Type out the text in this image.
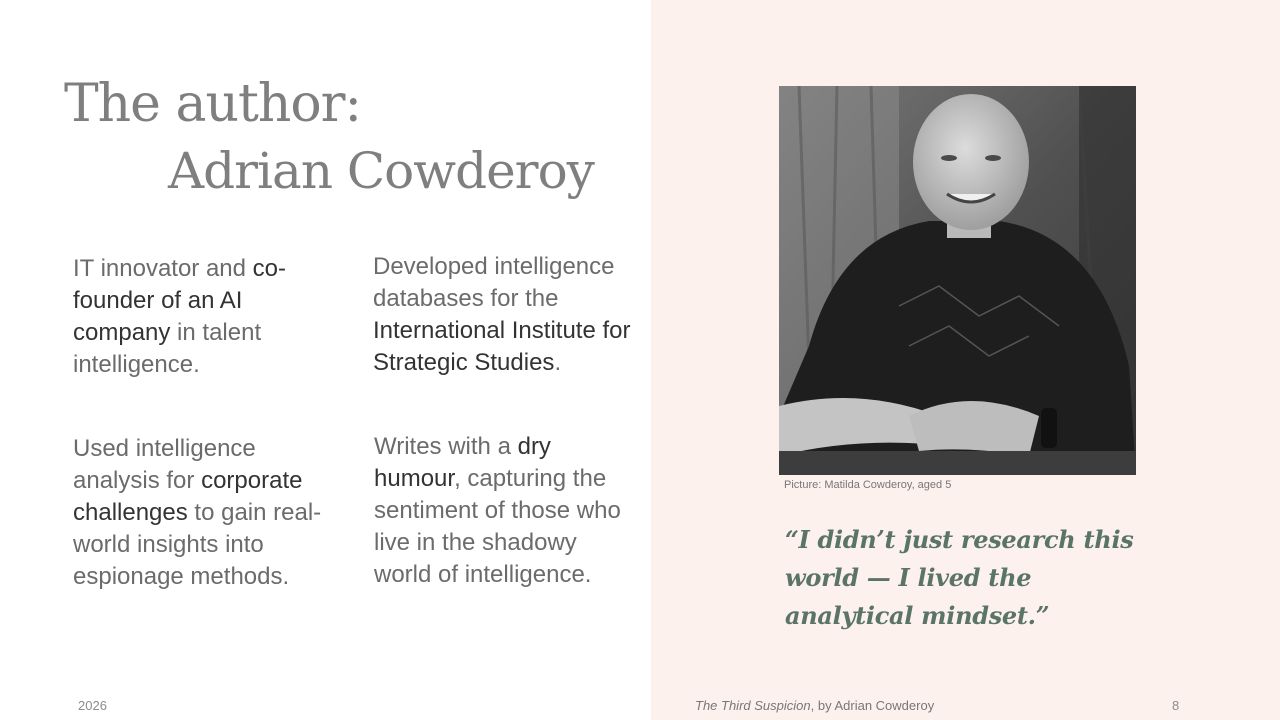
The author:
Adrian Cowderoy

IT innovator and co-founder of an AI company in talent intelligence.

Used intelligence analysis for corporate challenges to gain real-world insights into espionage methods.

Developed intelligence databases for the International Institute for Strategic Studies.

Writes with a dry humour, capturing the sentiment of those who live in the shadowy world of intelligence.

Picture: Matilda Cowderoy, aged 5

“I didn’t just research this world — I lived the analytical mindset.”

2026	The Third Suspicion, by Adrian Cowderoy	8
